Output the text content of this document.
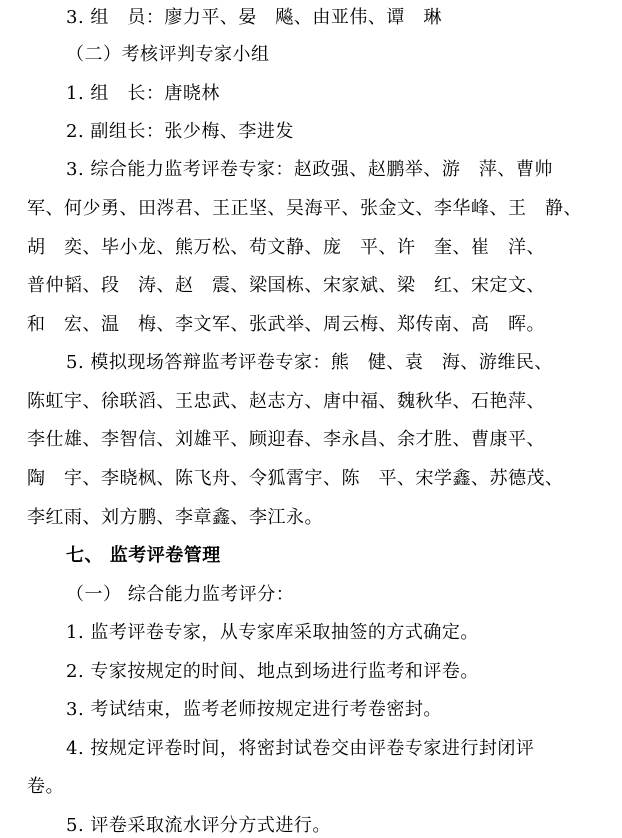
3. 组　员：廖力平、晏　飚、由亚伟、谭　琳
（二）考核评判专家小组
1. 组　长：唐晓林
2. 副组长：张少梅、李进发
3. 综合能力监考评卷专家：赵政强、赵鹏举、游　萍、曹帅
军、何少勇、田涔君、王正坚、吴海平、张金文、李华峰、王　静、
胡　奕、毕小龙、熊万松、苟文静、庞　平、许　奎、崔　洋、
普仲韬、段　涛、赵　震、梁国栋、宋家斌、梁　红、宋定文、
和　宏、温　梅、李文军、张武举、周云梅、郑传南、高　晖。
5. 模拟现场答辩监考评卷专家：熊　健、袁　海、游维民、
陈虹宇、徐联滔、王忠武、赵志方、唐中福、魏秋华、石艳萍、
李仕雄、李智信、刘雄平、顾迎春、李永昌、余才胜、曹康平、
陶　宇、李晓枫、陈飞舟、令狐霄宇、陈　平、宋学鑫、苏德茂、
李红雨、刘方鹏、李章鑫、李江永。
七、 监考评卷管理
（一） 综合能力监考评分：
1. 监考评卷专家，从专家库采取抽签的方式确定。
2. 专家按规定的时间、地点到场进行监考和评卷。
3. 考试结束，监考老师按规定进行考卷密封。
4. 按规定评卷时间，将密封试卷交由评卷专家进行封闭评
卷。
5. 评卷采取流水评分方式进行。
